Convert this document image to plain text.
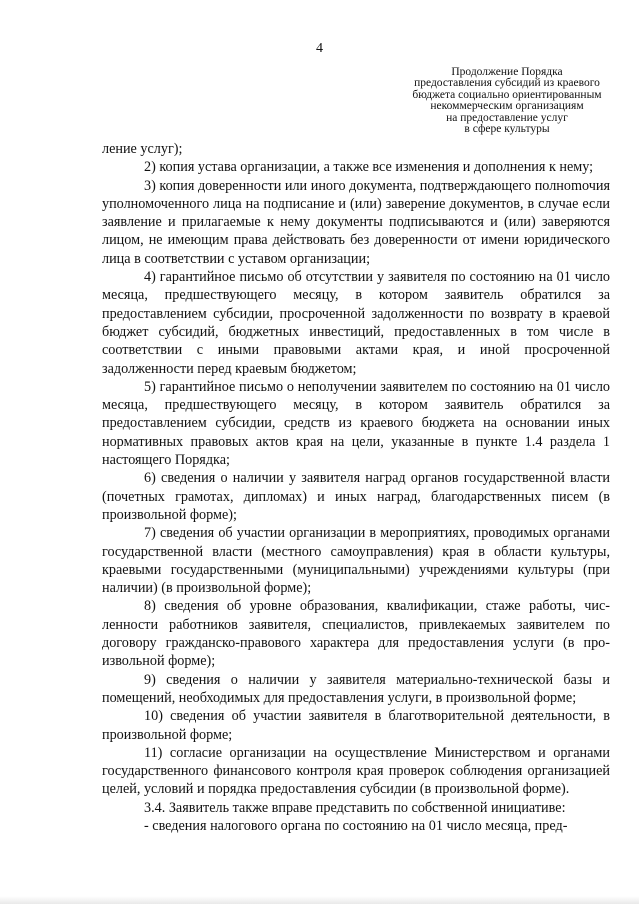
4
Продолжение Порядка
предоставления субсидий из краевого
бюджета социально ориентированным
некоммерческим организациям
на предоставление услуг
в сфере культуры

ление услуг);

2) копия устава организации, а также все изменения и дополнения к нему;

3) копия доверенности или иного документа, подтверждающего полноmочия уполномоченного лица на подписание и (или) заверение документов, в случае если заявление и прилагаемые к нему документы подписываются и (или) заверяются лицом, не имеющим права действовать без доверенности от имени юридического лица в соответствии с уставом организации;

4) гарантийное письмо об отсутствии у заявителя по состоянию на 01 число месяца, предшествующего месяцу, в котором заявитель обратился за предоставлением субсидии, просроченной задолженности по возврату в краевой бюджет субсидий, бюджетных инвестиций, предоставленных в том числе в соответствии с иными правовыми актами края, и иной просроченной задолженности перед краевым бюджетом;

5) гарантийное письмо о неполучении заявителем по состоянию на 01 число месяца, предшествующего месяцу, в котором заявитель обратился за предоставлением субсидии, средств из краевого бюджета на основании иных нормативных правовых актов края на цели, указанные в пункте 1.4 раздела 1 настоящего Порядка;

6) сведения о наличии у заявителя наград органов государственной власти (почетных грамотах, дипломах) и иных наград, благодарственных писем (в произвольной форме);

7) сведения об участии организации в мероприятиях, проводимых органами государственной власти (местного самоуправления) края в области культуры, краевыми государственными (муниципальными) учреждениями культуры (при наличии) (в произвольной форме);

8) сведения об уровне образования, квалификации, стаже работы, численности работников заявителя, специалистов, привлекаемых заявителем по договору гражданско-правового характера для предоставления услуги (в произвольной форме);

9) сведения о наличии у заявителя материально-технической базы и помещений, необходимых для предоставления услуги, в произвольной форме;

10) сведения об участии заявителя в благотворительной деятельности, в произвольной форме;

11) согласие организации на осуществление Министерством и органами государственного финансового контроля края проверок соблюдения организацией целей, условий и порядка предоставления субсидии (в произвольной форме).

3.4. Заявитель также вправе представить по собственной инициативе:

- сведения налогового органа по состоянию на 01 число месяца, пред-
